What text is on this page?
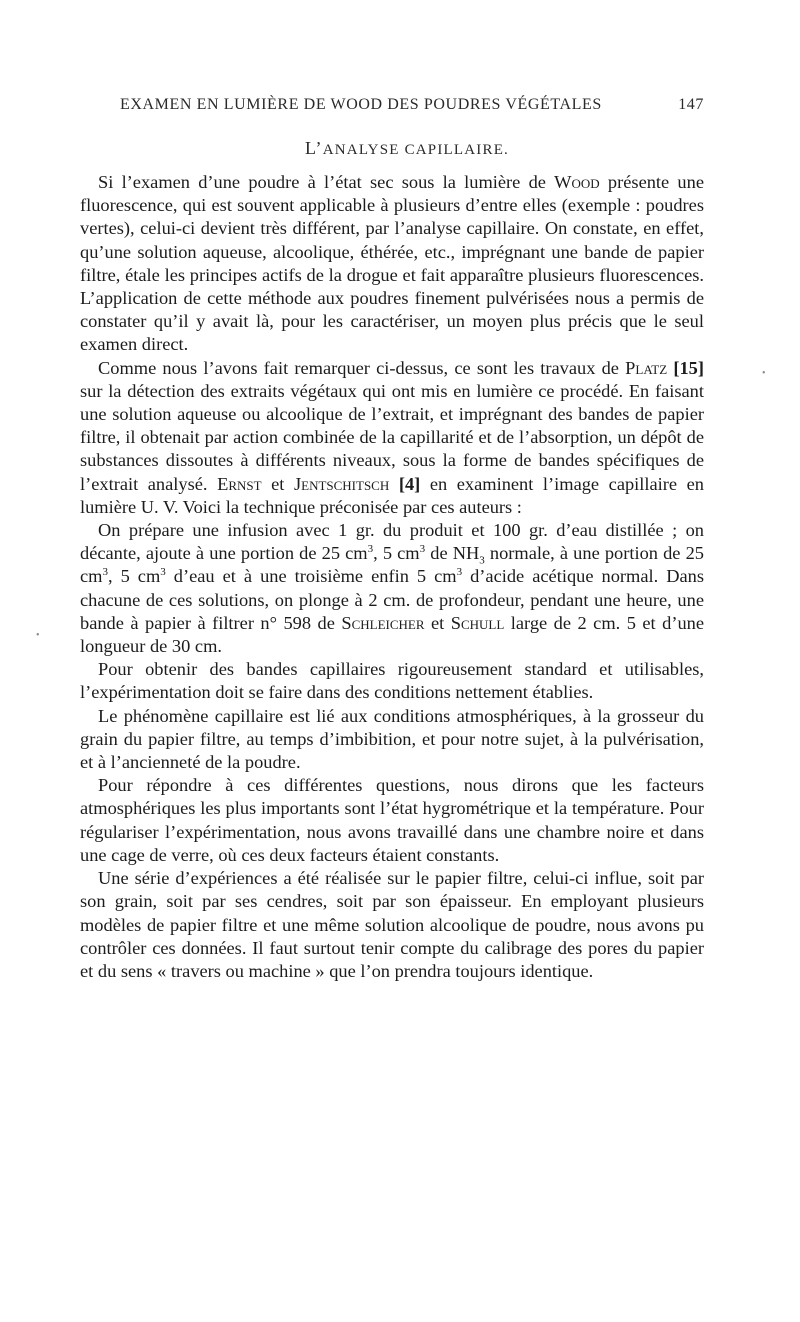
EXAMEN EN LUMIÈRE DE WOOD DES POUDRES VÉGÉTALES	147
L’ANALYSE CAPILLAIRE.

Si l’examen d’une poudre à l’état sec sous la lumière de Wood présente une fluorescence, qui est souvent applicable à plusieurs d’entre elles (exemple : poudres vertes), celui-ci devient très différent, par l’analyse capillaire. On constate, en effet, qu’une solution aqueuse, alcoolique, éthérée, etc., imprégnant une bande de papier filtre, étale les principes actifs de la drogue et fait apparaître plusieurs fluorescences. L’application de cette méthode aux poudres finement pulvérisées nous a permis de constater qu’il y avait là, pour les caractériser, un moyen plus précis que le seul examen direct.

Comme nous l’avons fait remarquer ci-dessus, ce sont les travaux de Platz [15] sur la détection des extraits végétaux qui ont mis en lumière ce procédé. En faisant une solution aqueuse ou alcoolique de l’extrait, et imprégnant des bandes de papier filtre, il obtenait par action combinée de la capillarité et de l’absorption, un dépôt de substances dissoutes à différents niveaux, sous la forme de bandes spécifiques de l’extrait analysé. Ernst et Jentschitsch [4] en examinent l’image capillaire en lumière U. V. Voici la technique préconisée par ces auteurs :

On prépare une infusion avec 1 gr. du produit et 100 gr. d’eau distillée ; on décante, ajoute à une portion de 25 $cm^3$, 5 $cm^3$ de $NH_3$ normale, à une portion de 25 $cm^3$, 5 $cm^3$ d’eau et à une troisième enfin 5 $cm^3$ d’acide acétique normal. Dans chacune de ces solutions, on plonge à 2 cm. de profondeur, pendant une heure, une bande à papier à filtrer n° 598 de Schleicher et Schull large de 2 cm. 5 et d’une longueur de 30 cm.

Pour obtenir des bandes capillaires rigoureusement standard et utilisables, l’expérimentation doit se faire dans des conditions nettement établies.

Le phénomène capillaire est lié aux conditions atmosphériques, à la grosseur du grain du papier filtre, au temps d’imbibition, et pour notre sujet, à la pulvérisation, et à l’ancienneté de la poudre.

Pour répondre à ces différentes questions, nous dirons que les facteurs atmosphériques les plus importants sont l’état hygrométrique et la température. Pour régulariser l’expérimentation, nous avons travaillé dans une chambre noire et dans une cage de verre, où ces deux facteurs étaient constants.

Une série d’expériences a été réalisée sur le papier filtre, celui-ci influe, soit par son grain, soit par ses cendres, soit par son épaisseur. En employant plusieurs modèles de papier filtre et une même solution alcoolique de poudre, nous avons pu contrôler ces données. Il faut surtout tenir compte du calibrage des pores du papier et du sens « travers ou machine » que l’on prendra toujours identique.

•
•
